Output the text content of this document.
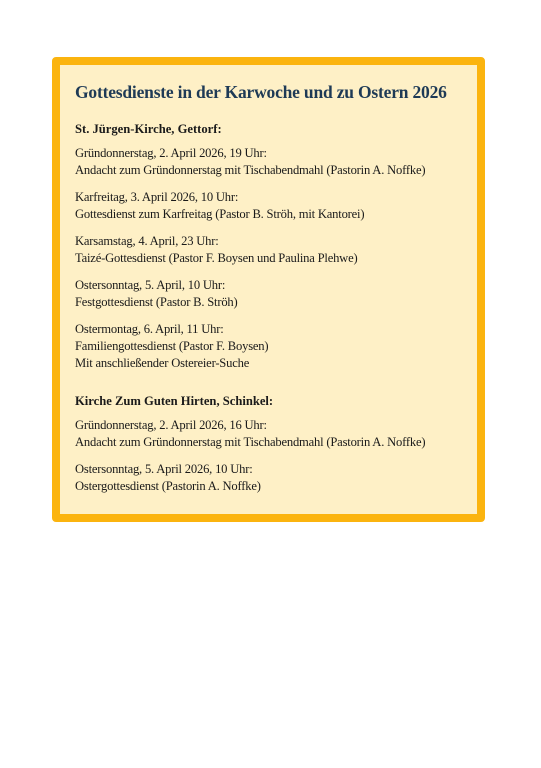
Gottesdienste in der Karwoche und zu Ostern 2026
St. Jürgen-Kirche, Gettorf:
Gründonnerstag, 2. April 2026, 19 Uhr:
Andacht zum Gründonnerstag mit Tischabendmahl (Pastorin A. Noffke)
Karfreitag, 3. April 2026, 10 Uhr:
Gottesdienst zum Karfreitag (Pastor B. Ströh, mit Kantorei)
Karsamstag, 4. April, 23 Uhr:
Taizé-Gottesdienst (Pastor F. Boysen und Paulina Plehwe)
Ostersonntag, 5. April, 10 Uhr:
Festgottesdienst (Pastor B. Ströh)
Ostermontag, 6. April, 11 Uhr:
Familiengottesdienst (Pastor F. Boysen)
Mit anschließender Ostereier-Suche
Kirche Zum Guten Hirten, Schinkel:
Gründonnerstag, 2. April 2026, 16 Uhr:
Andacht zum Gründonnerstag mit Tischabendmahl (Pastorin A. Noffke)
Ostersonntag, 5. April 2026, 10 Uhr:
Ostergottesdienst (Pastorin A. Noffke)
